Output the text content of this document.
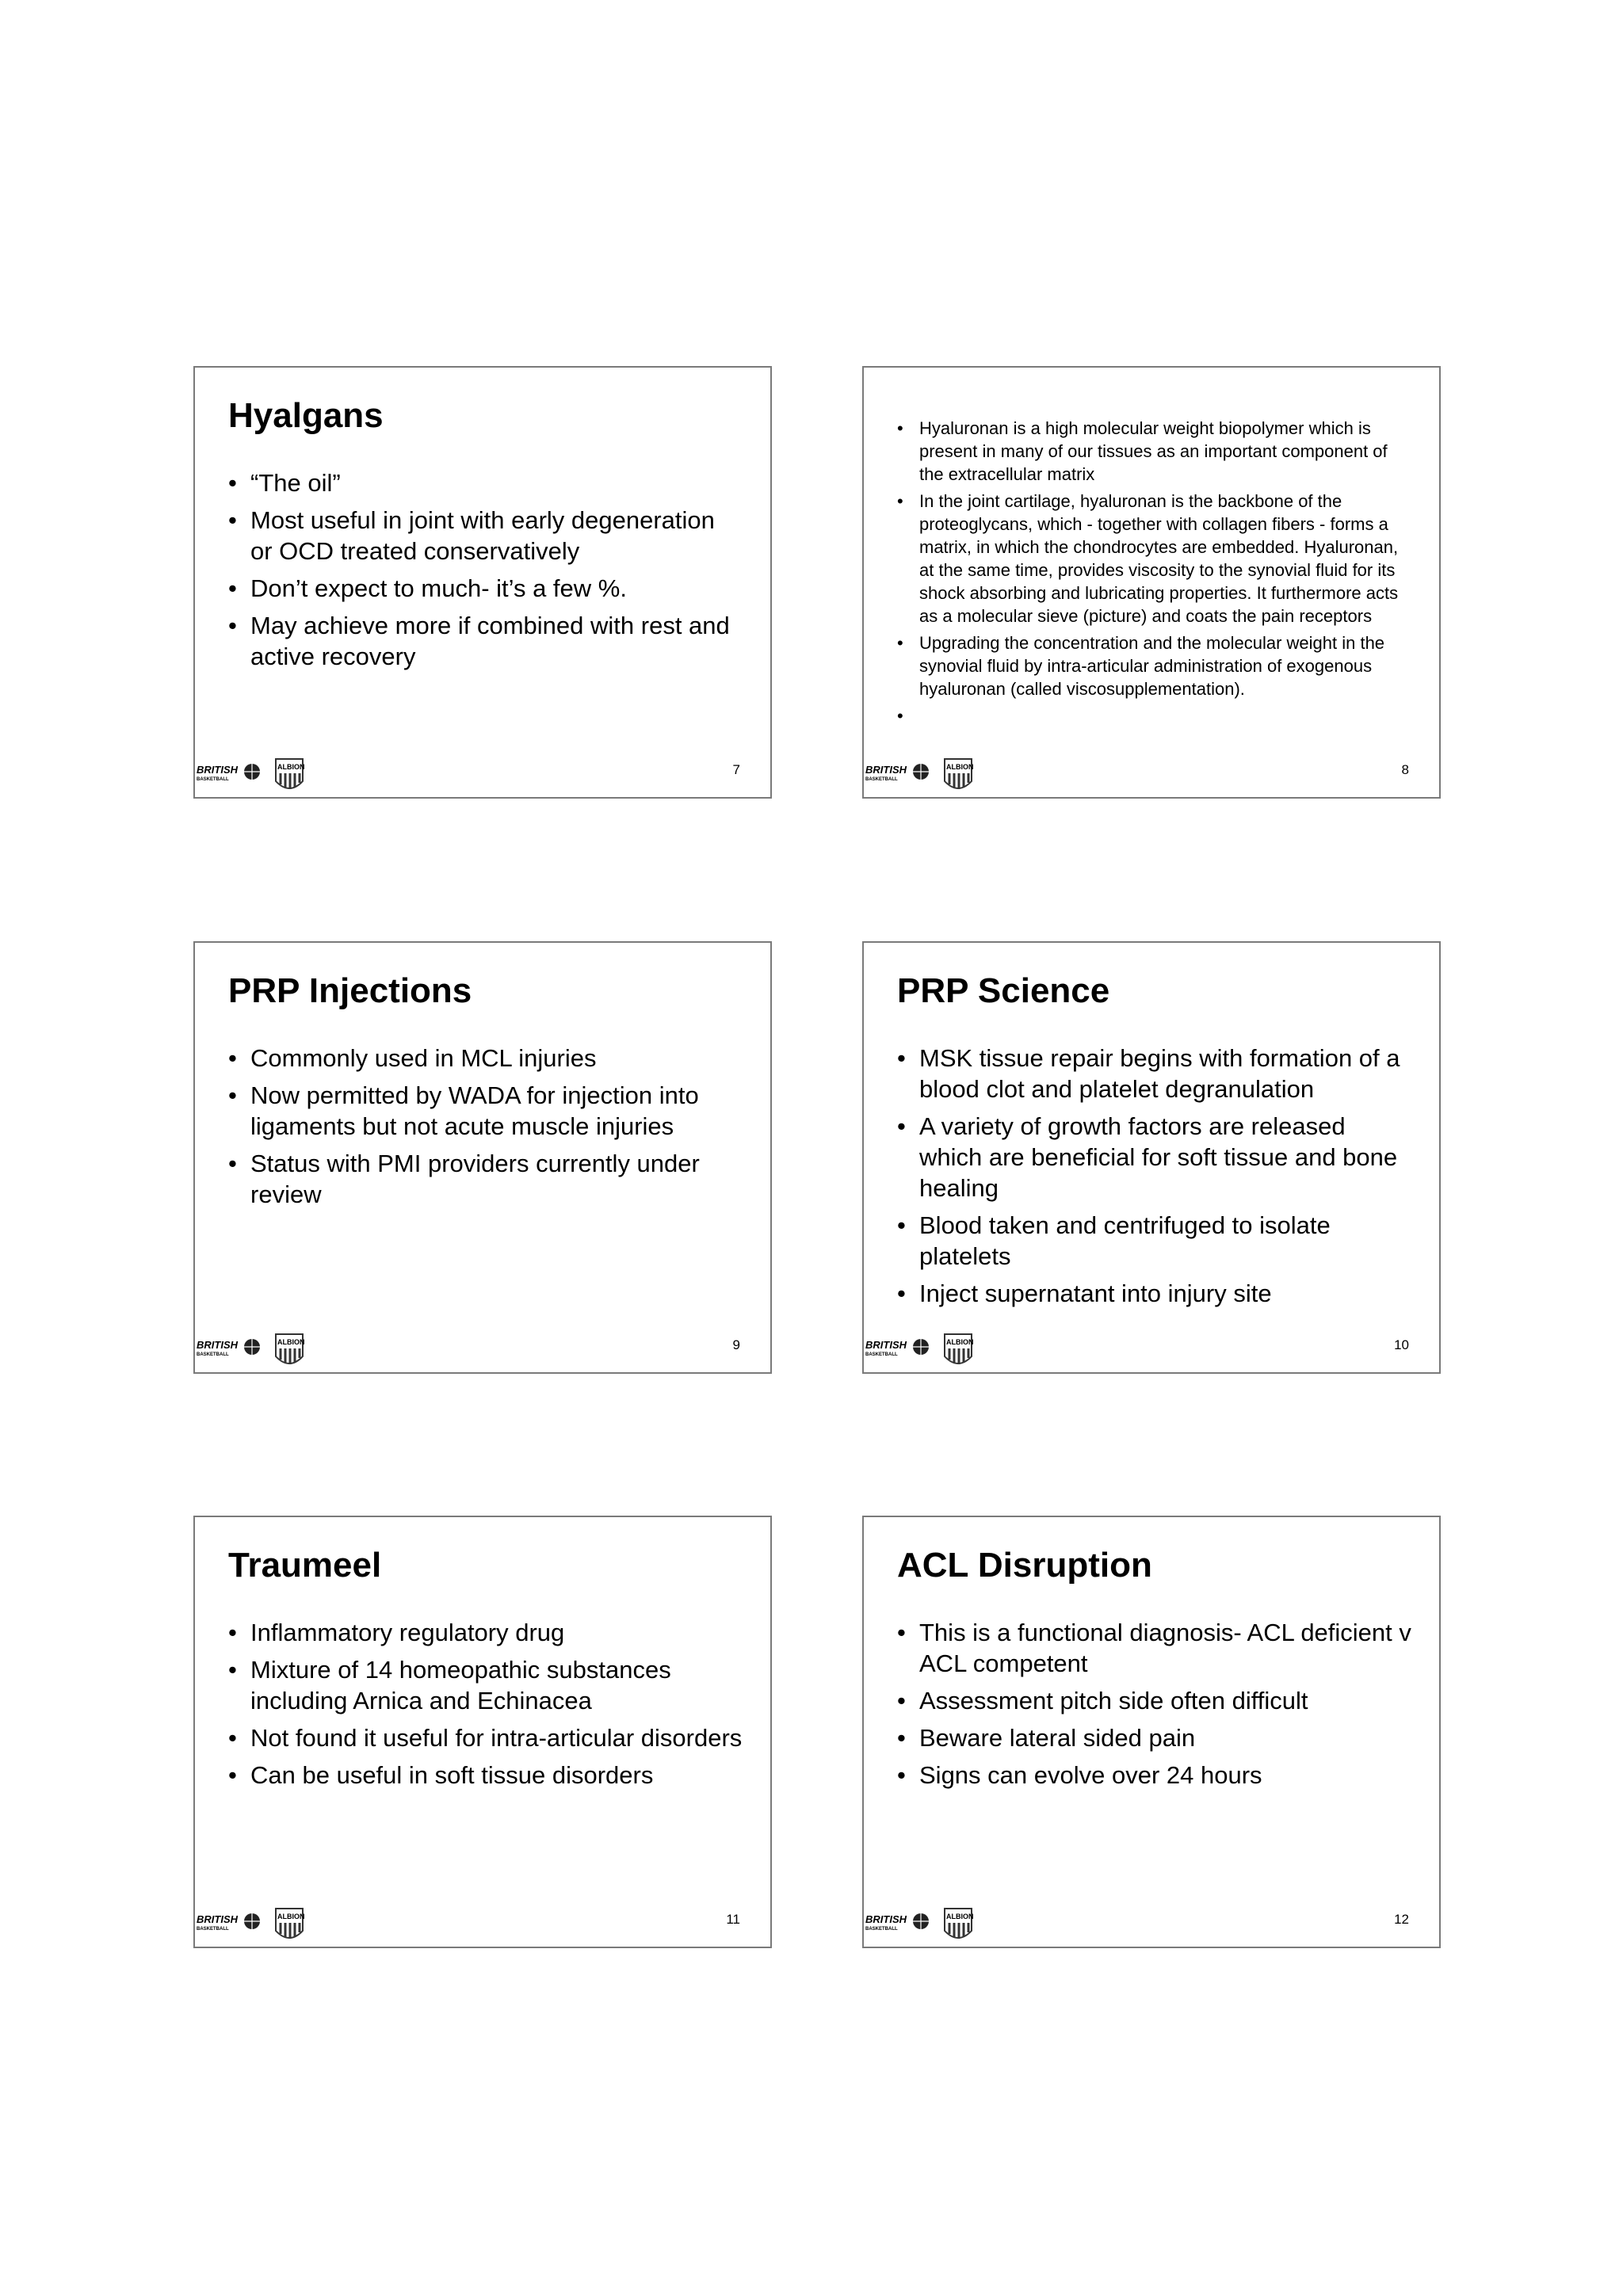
Hyalgans
• “The oil”
• Most useful in joint with early degeneration or OCD treated conservatively
• Don’t expect to much- it’s a few %.
• May achieve more if combined with rest and active recovery
BRITISH
BASKETBALL
ALBION	7
• Hyaluronan is a high molecular weight biopolymer which is present in many of our tissues as an important component of the extracellular matrix
• In the joint cartilage, hyaluronan is the backbone of the proteoglycans, which - together with collagen fibers - forms a matrix, in which the chondrocytes are embedded. Hyaluronan, at the same time, provides viscosity to the synovial fluid for its shock absorbing and lubricating properties. It furthermore acts as a molecular sieve (picture) and coats the pain receptors
• Upgrading the concentration and the molecular weight in the synovial fluid by intra-articular administration of exogenous hyaluronan (called viscosupplementation).
BRITISH
BASKETBALL
ALBION	8
PRP Injections
• Commonly used in MCL injuries
• Now permitted by WADA for injection into ligaments but not acute muscle injuries
• Status with PMI providers currently under review
BRITISH
BASKETBALL
ALBION	9
PRP Science
• MSK tissue repair begins with formation of a blood clot and platelet degranulation
• A variety of growth factors are released which are beneficial for soft tissue and bone healing
• Blood taken and centrifuged to isolate platelets
• Inject supernatant into injury site
BRITISH
BASKETBALL
ALBION	10
Traumeel
• Inflammatory regulatory drug
• Mixture of 14 homeopathic substances including Arnica and Echinacea
• Not found it useful for intra-articular disorders
• Can be useful in soft tissue disorders
BRITISH
BASKETBALL
ALBION	11
ACL Disruption
• This is a functional diagnosis- ACL deficient v ACL competent
• Assessment pitch side often difficult
• Beware lateral sided pain
• Signs can evolve over 24 hours
BRITISH
BASKETBALL
ALBION	12
